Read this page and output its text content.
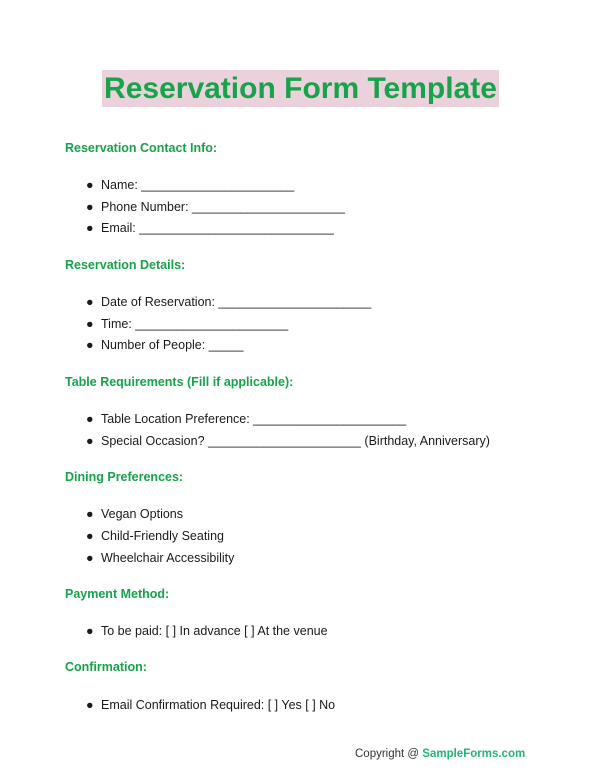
Reservation Form Template
Reservation Contact Info:
● Name: ______________________
● Phone Number: ______________________
● Email: ____________________________
Reservation Details:
● Date of Reservation: ______________________
● Time: ______________________
● Number of People: _____
Table Requirements (Fill if applicable):
● Table Location Preference: ______________________
● Special Occasion? ______________________ (Birthday, Anniversary)
Dining Preferences:
● Vegan Options
● Child-Friendly Seating
● Wheelchair Accessibility
Payment Method:
● To be paid: [ ] In advance [ ] At the venue
Confirmation:
● Email Confirmation Required: [ ] Yes [ ] No
Copyright @ SampleForms.com
